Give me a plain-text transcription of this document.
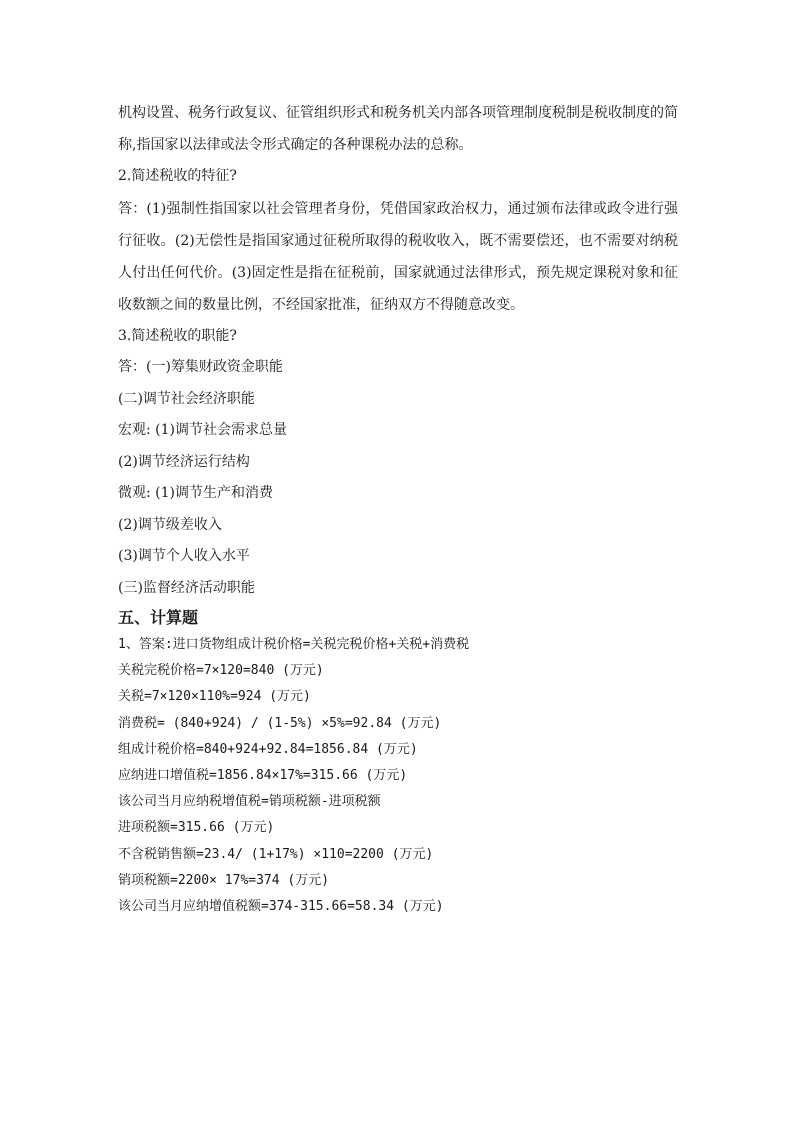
机构设置、税务行政复议、征管组织形式和税务机关内部各项管理制度税制是税收制度的简称,指国家以法律或法令形式确定的各种课税办法的总称。

2.简述税收的特征?

答：(1)强制性指国家以社会管理者身份，凭借国家政治权力，通过颁布法律或政令进行强行征收。(2)无偿性是指国家通过征税所取得的税收收入，既不需要偿还，也不需要对纳税人付出任何代价。(3)固定性是指在征税前，国家就通过法律形式，预先规定课税对象和征收数额之间的数量比例，不经国家批准，征纳双方不得随意改变。

3.简述税收的职能?

答：(一)筹集财政资金职能

(二)调节社会经济职能

宏观: (1)调节社会需求总量

(2)调节经济运行结构

微观: (1)调节生产和消费

(2)调节级差收入

(3)调节个人收入水平

(三)监督经济活动职能

五、计算题

1、答案:进口货物组成计税价格=关税完税价格+关税+消费税

关税完税价格=7×120=840 (万元)

关税=7×120×110%=924 (万元)

消费税= (840+924) / (1-5%) ×5%=92.84 (万元)

组成计税价格=840+924+92.84=1856.84 (万元)

应纳进口增值税=1856.84×17%=315.66 (万元)

该公司当月应纳税增值税=销项税额-进项税额

进项税额=315.66 (万元)

不含税销售额=23.4/ (1+17%) ×110=2200 (万元)

销项税额=2200× 17%=374 (万元)

该公司当月应纳增值税额=374-315.66=58.34 (万元)
